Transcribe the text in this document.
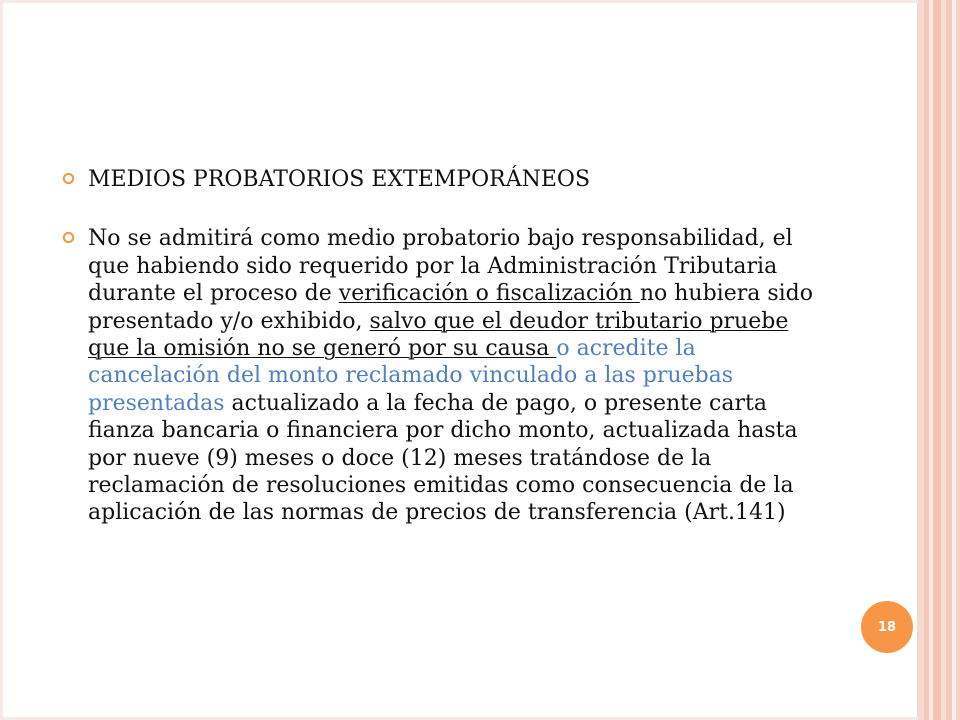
MEDIOS PROBATORIOS EXTEMPORÁNEOS
No se admitirá como medio probatorio bajo responsabilidad, el que habiendo sido requerido por la Administración Tributaria durante el proceso de verificación o fiscalización no hubiera sido presentado y/o exhibido, salvo que el deudor tributario pruebe que la omisión no se generó por su causa o acredite la cancelación del monto reclamado vinculado a las pruebas presentadas actualizado a la fecha de pago, o presente carta fianza bancaria o financiera por dicho monto, actualizada hasta por nueve (9) meses o doce (12) meses tratándose de la reclamación de resoluciones emitidas como consecuencia de la aplicación de las normas de precios de transferencia (Art.141)
18
